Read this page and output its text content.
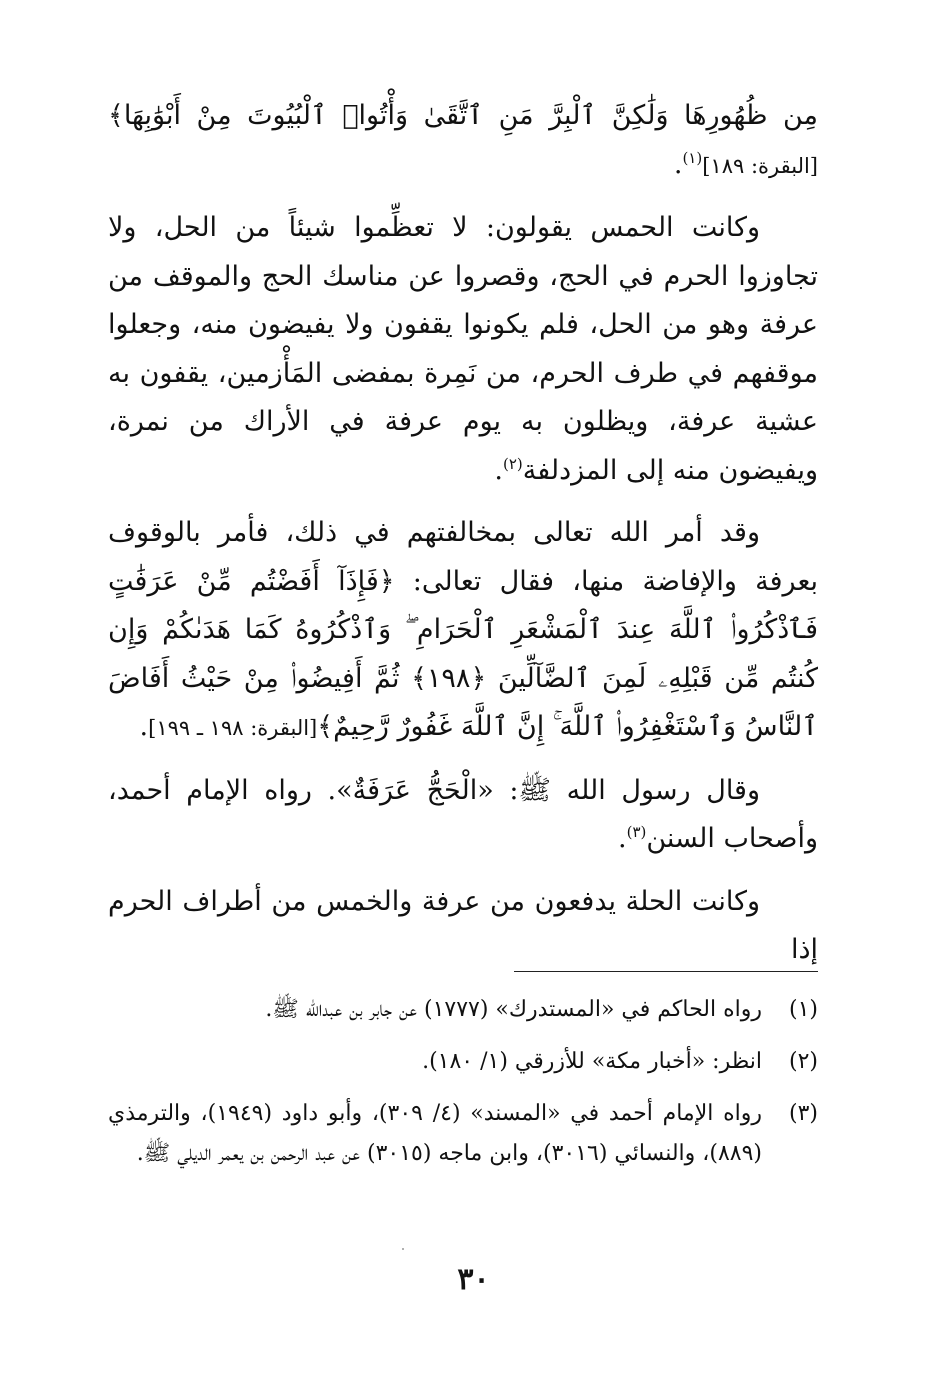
مِن ظُهُورِهَا وَلَٰكِنَّ ٱلْبِرَّ مَنِ ٱتَّقَىٰ وَأْتُوا۟ ٱلْبُيُوتَ مِنْ أَبْوَٰبِهَا﴾[البقرة: ١٨٩]$^{(١)}$.

وكانت الحمس يقولون: لا تعظِّموا شيئاً من الحل، ولا تجاوزوا الحرم في الحج، وقصروا عن مناسك الحج والموقف من عرفة وهو من الحل، فلم يكونوا يقفون ولا يفيضون منه، وجعلوا موقفهم في طرف الحرم، من نَمِرة بمفضى المَأْزمين، يقفون به عشية عرفة، ويظلون به يوم عرفة في الأراك من نمرة، ويفيضون منه إلى المزدلفة$^{(٢)}$.

وقد أمر الله تعالى بمخالفتهم في ذلك، فأمر بالوقوف بعرفة والإفاضة منها، فقال تعالى: ﴿فَإِذَآ أَفَضْتُم مِّنْ عَرَفَٰتٍ فَٱذْكُرُوا۟ ٱللَّهَ عِندَ ٱلْمَشْعَرِ ٱلْحَرَامِ ۖ وَٱذْكُرُوهُ كَمَا هَدَىٰكُمْ وَإِن كُنتُم مِّن قَبْلِهِۦ لَمِنَ ٱلضَّآلِّينَ ﴿١٩٨﴾ ثُمَّ أَفِيضُوا۟ مِنْ حَيْثُ أَفَاضَ ٱلنَّاسُ وَٱسْتَغْفِرُوا۟ ٱللَّهَ ۚ إِنَّ ٱللَّهَ غَفُورٌ رَّحِيمٌ﴾[البقرة: ١٩٨ ـ ١٩٩].

وقال رسول الله ﷺ: «الْحَجُّ عَرَفَةٌ». رواه الإمام أحمد، وأصحاب السنن$^{(٣)}$.

وكانت الحلة يدفعون من عرفة والخمس من أطراف الحرم إذا

(١)
رواه الحاكم في «المستدرك» (١٧٧٧) عن جابر بن عبدالله ﷺ.
(٢)
انظر: «أخبار مكة» للأزرقي (١/ ١٨٠).
(٣)
رواه الإمام أحمد في «المسند» (٤/ ٣٠٩)، وأبو داود (١٩٤٩)، والترمذي (٨٨٩)، والنسائي (٣٠١٦)، وابن ماجه (٣٠١٥) عن عبد الرحمن بن يعمر الديلي ﷺ.
٣٠
